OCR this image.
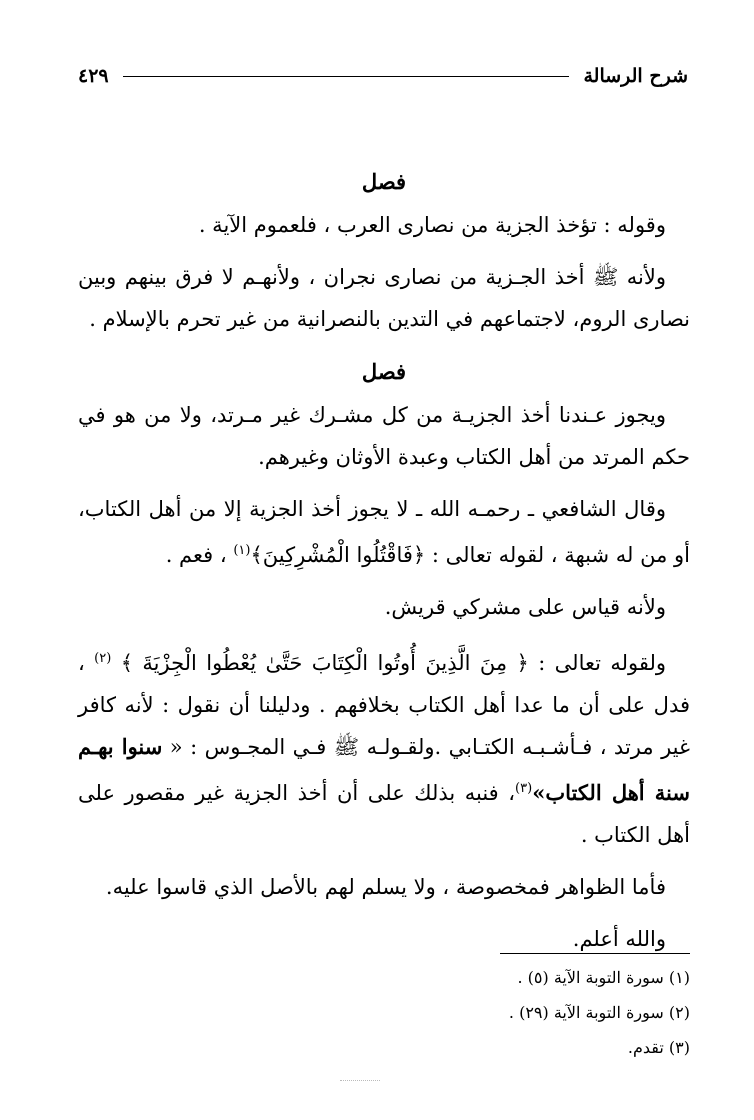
شرح الرسالة
٤٢٩
فصل

وقوله : تؤخذ الجزية من نصارى العرب ، فلعموم الآية .

ولأنه ﷺ أخذ الجـزية من نصارى نجران ، ولأنهـم لا فرق بينهم وبين نصارى الروم، لاجتماعهم في التدين بالنصرانية من غير تحرم بالإسلام .

فصل

ويجوز عـندنا أخذ الجزيـة من كل مشـرك غير مـرتد، ولا من هو في حكم المرتد من أهل الكتاب وعبدة الأوثان وغيرهم.

وقال الشافعي ـ رحمـه الله ـ لا يجوز أخذ الجزية إلا من أهل الكتاب، أو من له شبهة ، لقوله تعالى : ﴿فَاقْتُلُوا الْمُشْرِكِينَ﴾$^{(١)}$ ، فعم .

ولأنه قياس على مشركي قريش.

ولقوله تعالى : ﴿ مِنَ الَّذِينَ أُوتُوا الْكِتَابَ حَتَّىٰ يُعْطُوا الْجِزْيَةَ ﴾ $^{(٢)}$ ، فدل على أن ما عدا أهل الكتاب بخلافهم . ودليلنا أن نقول : لأنه كافر غير مرتد ، فـأشـبـه الكتـابي .ولقـولـه ﷺ فـي المجـوس : « سنوا بهـم سنة أهل الكتاب»$^{(٣)}$، فنبه بذلك على أن أخذ الجزية غير مقصور على أهل الكتاب .

فأما الظواهر فمخصوصة ، ولا يسلم لهم بالأصل الذي قاسوا عليه.

والله أعلم.

(١) سورة التوبة الآية (٥) .
(٢) سورة التوبة الآية (٢٩) .
(٣) تقدم.
